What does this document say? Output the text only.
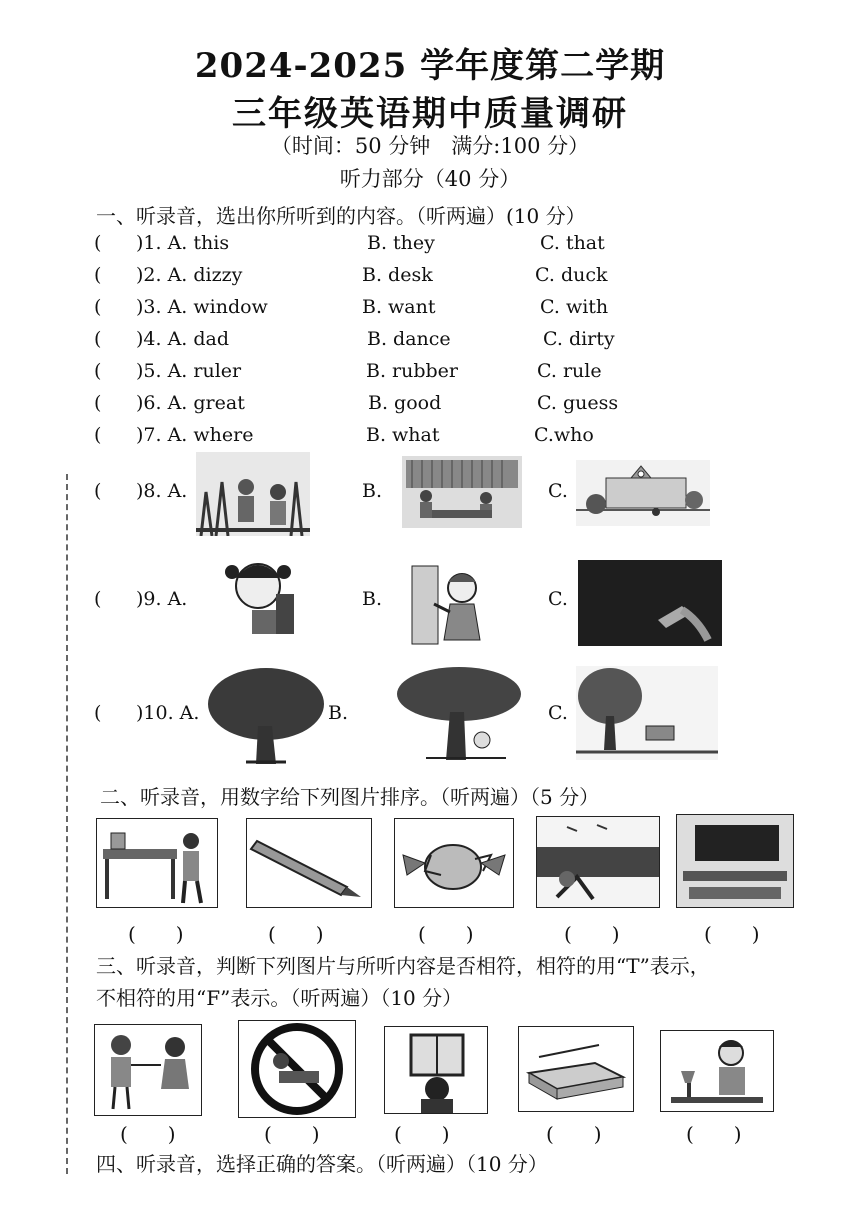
2024-2025 学年度第二学期
三年级英语期中质量调研
（时间：50 分钟　满分:100 分）
听力部分（40 分）
一、听录音，选出你所听到的内容。（听两遍）(10 分）
( )1. A. this	B. they	C. that
( )2. A. dizzy	B. desk	C. duck
( )3. A. window	B. want	C. with
( )4. A. dad	B. dance	C. dirty
( )5. A. ruler	B. rubber	C. rule
( )6. A. great	B. good	C. guess
( )7. A. where	B. what	C.who
( )8. A.	B.	C.
( )9. A.	B.	C.
( )10. A.	B.	C.
二、听录音，用数字给下列图片排序。（听两遍）（5 分）
(　　)	(　　)	(　　)	(　　)	(　　)
三、听录音，判断下列图片与所听内容是否相符，相符的用“T”表示，
不相符的用“F”表示。（听两遍）（10 分）
(　　)	(　　)	(　　)	(　　)	(　　)
四、听录音，选择正确的答案。（听两遍）（10 分）
